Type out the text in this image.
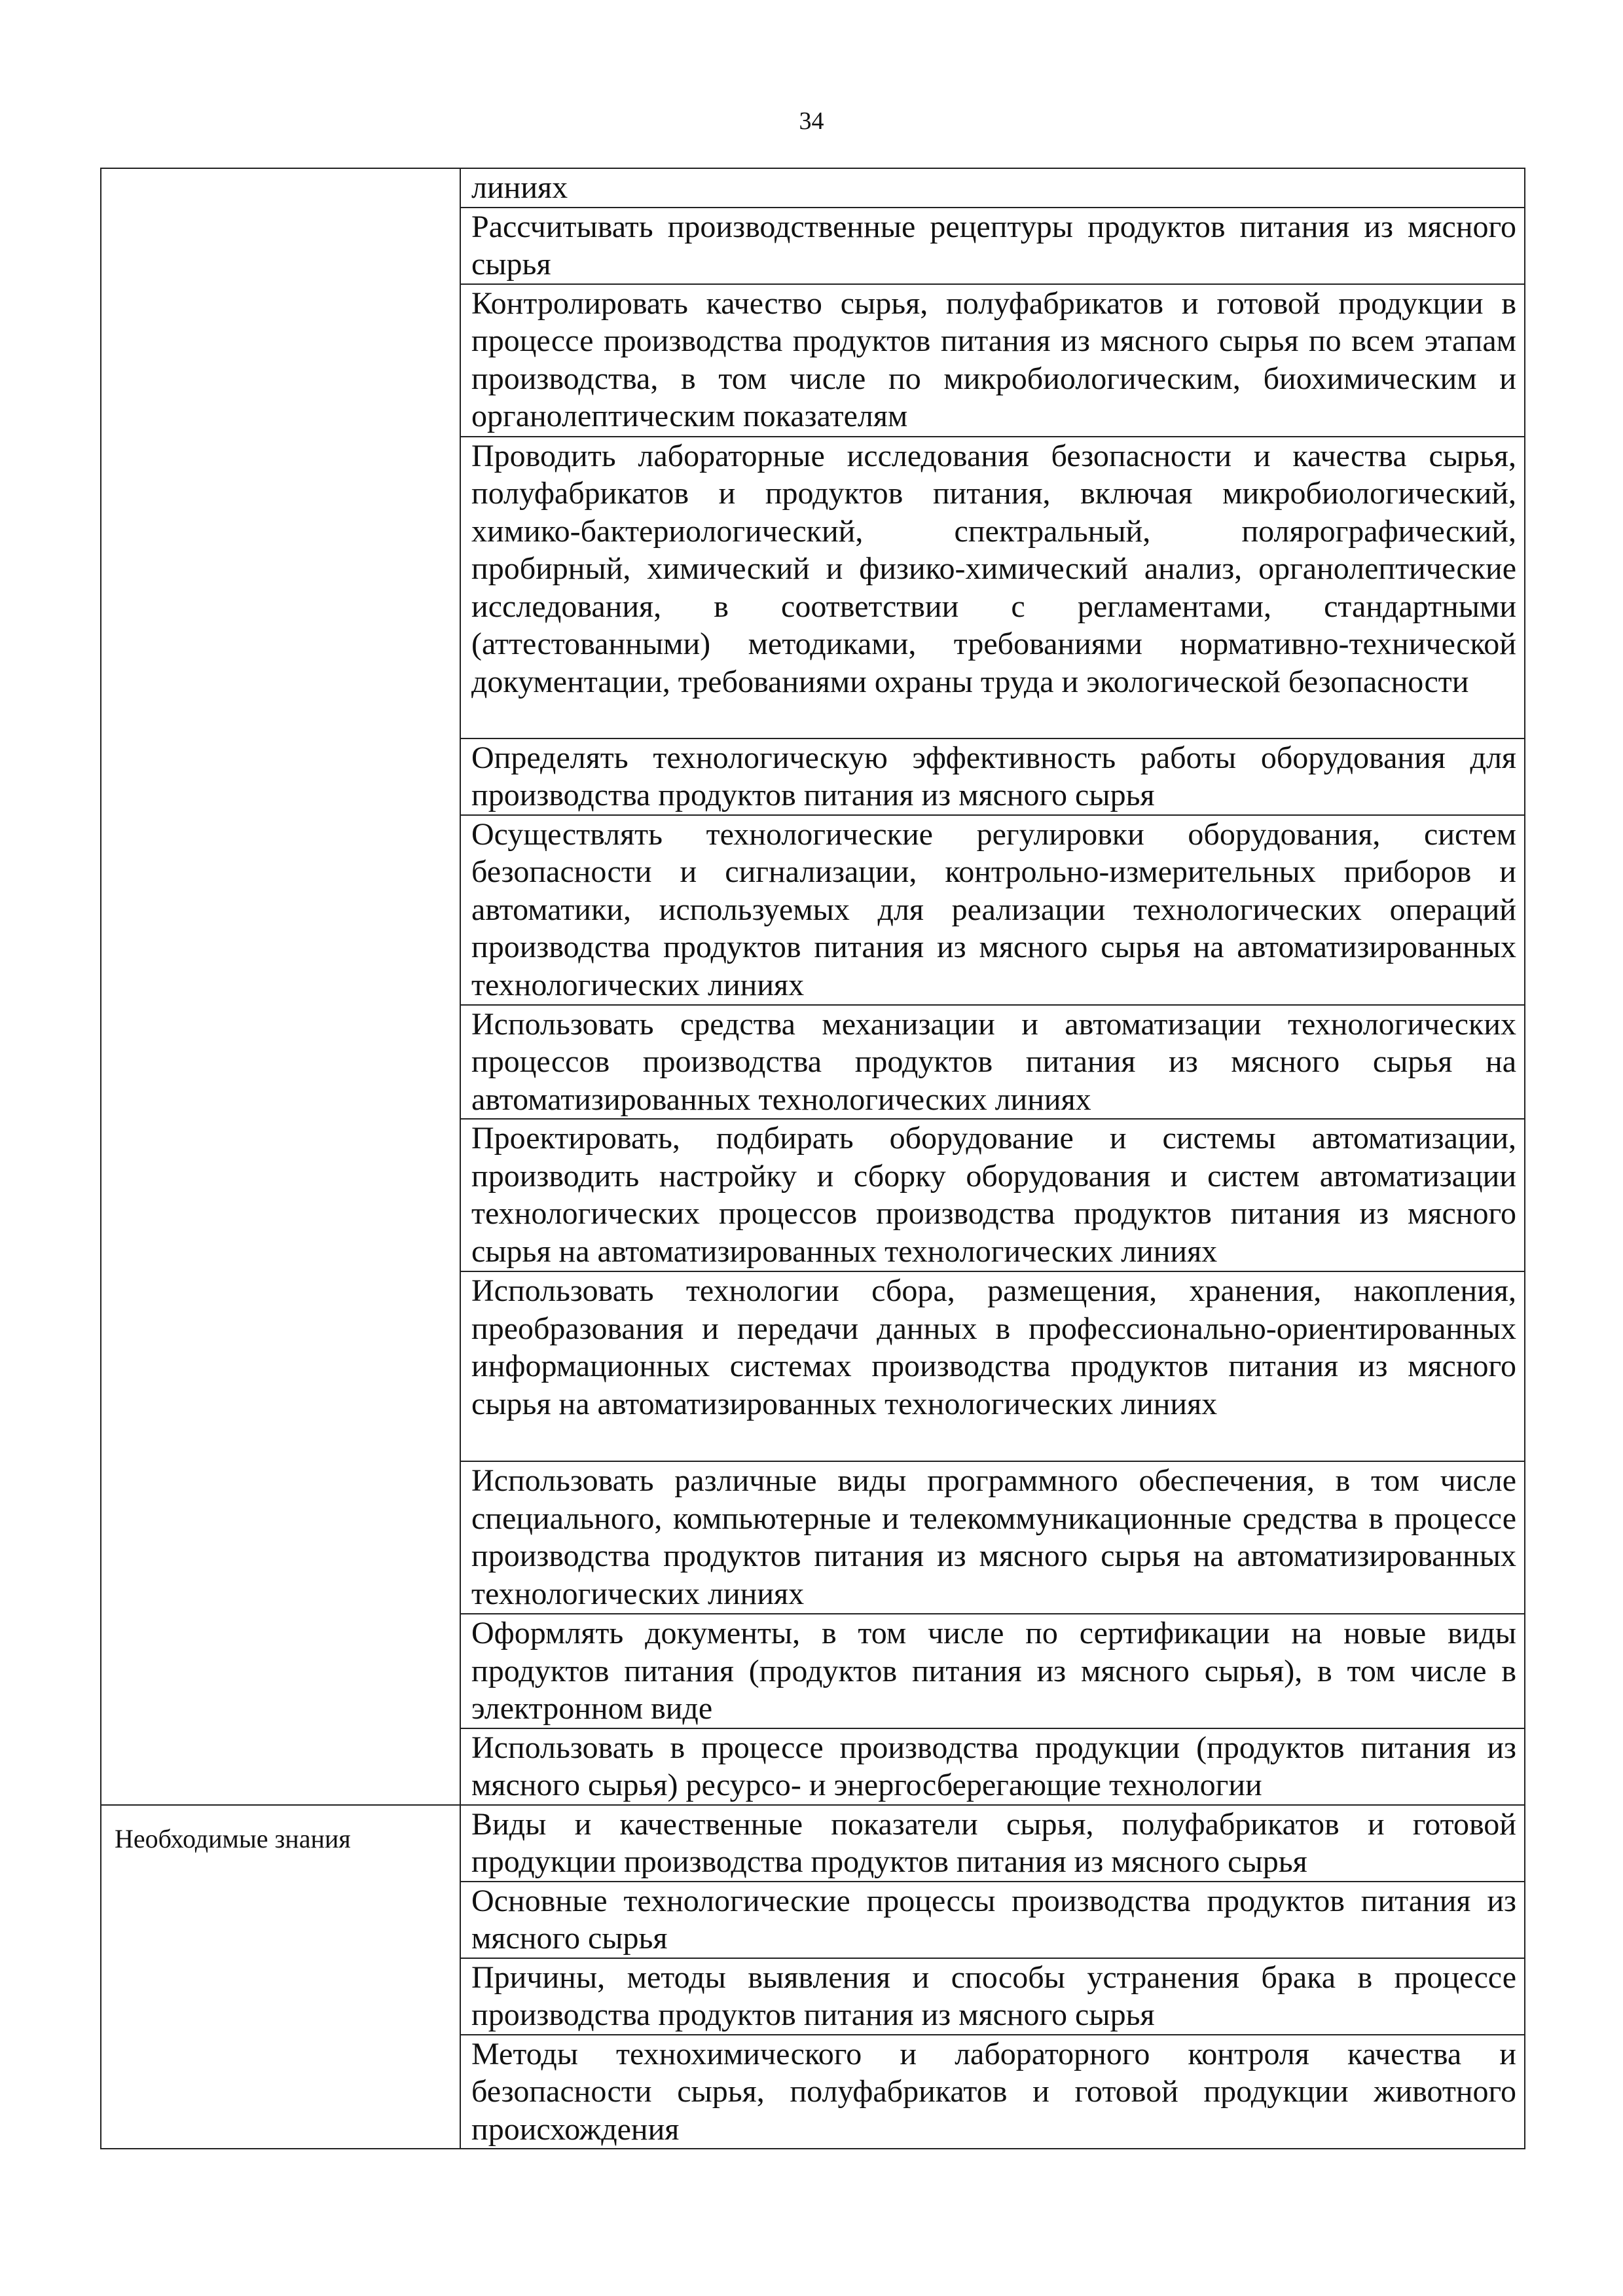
34

	линиях

	Рассчитывать производственные рецептуры продуктов питания из мясного сырья

	Контролировать качество сырья, полуфабрикатов и готовой продукции в процессе производства продуктов питания из мясного сырья по всем этапам производства, в том числе по микробиологическим, биохимическим и органолептическим показателям

	Проводить лабораторные исследования безопасности и качества сырья, полуфабрикатов и продуктов питания, включая микробиологический, химико-бактериологический, спектральный, полярографический, пробирный, химический и физико-химический анализ, органолептические исследования, в соответствии с регламентами, стандартными (аттестованными) методиками, требованиями нормативно-технической документации, требованиями охраны труда и экологической безопасности

	Определять технологическую эффективность работы оборудования для производства продуктов питания из мясного сырья

	Осуществлять технологические регулировки оборудования, систем безопасности и сигнализации, контрольно-измерительных приборов и автоматики, используемых для реализации технологических операций производства продуктов питания из мясного сырья на автоматизированных технологических линиях

	Использовать средства механизации и автоматизации технологических процессов производства продуктов питания из мясного сырья на автоматизированных технологических линиях

	Проектировать, подбирать оборудование и системы автоматизации, производить настройку и сборку оборудования и систем автоматизации технологических процессов производства продуктов питания из мясного сырья на автоматизированных технологических линиях

	Использовать технологии сбора, размещения, хранения, накопления, преобразования и передачи данных в профессионально-ориентированных информационных системах производства продуктов питания из мясного сырья на автоматизированных технологических линиях

	Использовать различные виды программного обеспечения, в том числе специального, компьютерные и телекоммуникационные средства в процессе производства продуктов питания из мясного сырья на автоматизированных технологических линиях

	Оформлять документы, в том числе по сертификации на новые виды продуктов питания (продуктов питания из мясного сырья), в том числе в электронном виде

	Использовать в процессе производства продукции (продуктов питания из мясного сырья) ресурсо- и энергосберегающие технологии

Необходимые знания	Виды и качественные показатели сырья, полуфабрикатов и готовой продукции производства продуктов питания из мясного сырья

	Основные технологические процессы производства продуктов питания из мясного сырья

	Причины, методы выявления и способы устранения брака в процессе производства продуктов питания из мясного сырья

	Методы технохимического и лабораторного контроля качества и безопасности сырья, полуфабрикатов и готовой продукции животного происхождения
